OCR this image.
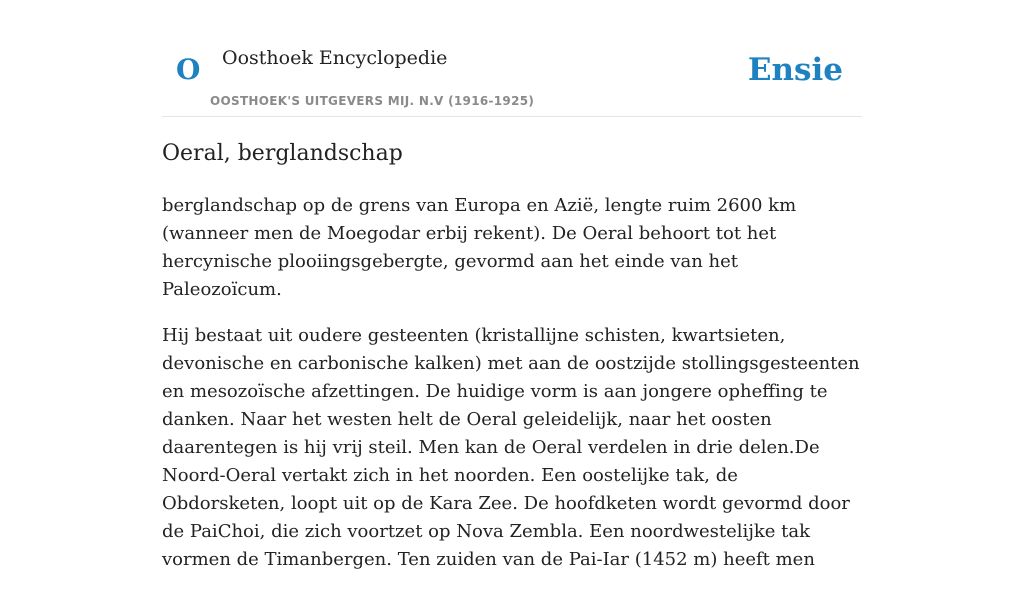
O Oosthoek Encyclopedie
OOSTHOEK'S UITGEVERS MIJ. N.V (1916-1925)
Ensie
Oeral, berglandschap

berglandschap op de grens van Europa en Azië, lengte ruim 2600 km (wanneer men de Moegodar erbij rekent). De Oeral behoort tot het hercynische plooiingsgebergte, gevormd aan het einde van het Paleozoïcum.

Hij bestaat uit oudere gesteenten (kristallijne schisten, kwartsieten, devonische en carbonische kalken) met aan de oostzijde stollingsgesteenten en mesozoïsche afzettingen. De huidige vorm is aan jongere opheffing te danken. Naar het westen helt de Oeral geleidelijk, naar het oosten daarentegen is hij vrij steil. Men kan de Oeral verdelen in drie delen.De Noord-Oeral vertakt zich in het noorden. Een oostelijke tak, de Obdorsketen, loopt uit op de Kara Zee. De hoofdketen wordt gevormd door de PaiChoi, die zich voortzet op Nova Zembla. Een noordwestelijke tak vormen de Timanbergen. Ten zuiden van de Pai-Iar (1452 m) heeft men
